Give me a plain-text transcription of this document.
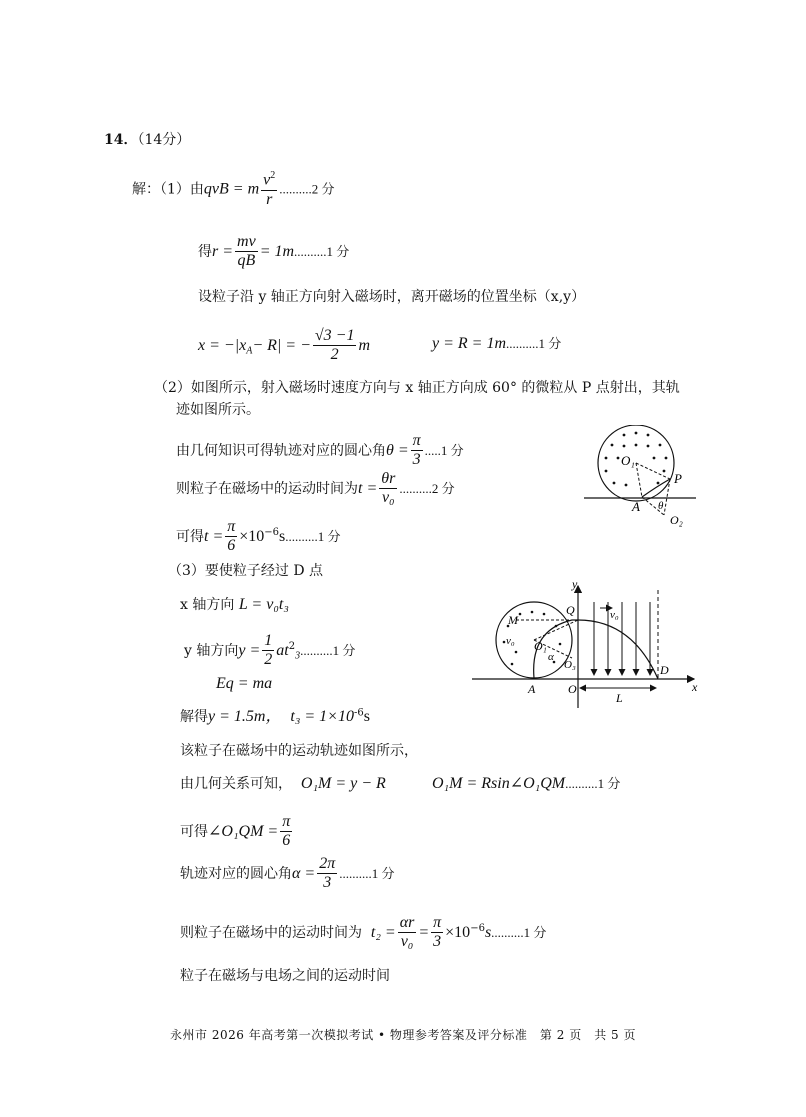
14．（14分）
解：（1）由qvB = m $\frac{v^2}{r} ..........2$ 分
得$r = \frac{mv}{qB} = 1m..........1$ 分
设粒子沿 y 轴正方向射入磁场时，离开磁场的位置坐标（x,y）
$x = -|x_A- R|$ = − $\frac{√3 -1}{2}$ m	y = R = 1m..........1 分
（2）如图所示，射入磁场时速度方向与 x 轴正方向成 60° 的微粒从 P 点射出，其轨
迹如图所示。
由几何知识可得轨迹对应的圆心角$\theta = \frac{\pi}{3} .....1$ 分
则粒子在磁场中的运动时间为$t = \frac{\theta r}{\text{v₀}} ..........2$ 分
可得$t = \frac{\pi}{6} \times 10^{-6}s..........1$ 分
O₁
P
A
O₂
θ
（3）要使粒子经过 D 点
x 轴方向 L = v₀t₃
y 轴方向$y = \frac{1}{2} at^2_3..........1$ 分
Eq = ma
解得y = 1.5m， $t_3 = 1\times 10^{-6}s$
该粒子在磁场中的运动轨迹如图所示，
由几何关系可知， O₁M = y − R	O₁M = Rsin∠O₁QM..........1 分
可得∠O₁QM = $\frac{\pi}{6}$
轨迹对应的圆心角$\alpha = \frac{2\pi}{3} ..........1$ 分
则粒子在磁场中的运动时间为 $t_2 = \frac{\alpha r}{\text{v₀}} = \frac{\pi}{3} \times 10^{-6}s..........1$ 分
粒子在磁场与电场之间的运动时间
y
x
Q
M	v₀
v₀ O₁
α
O₃
A	O
D
L
永州市 2026 年高考第一次模拟考试 • 物理参考答案及评分标准　第 2 页　共 5 页
